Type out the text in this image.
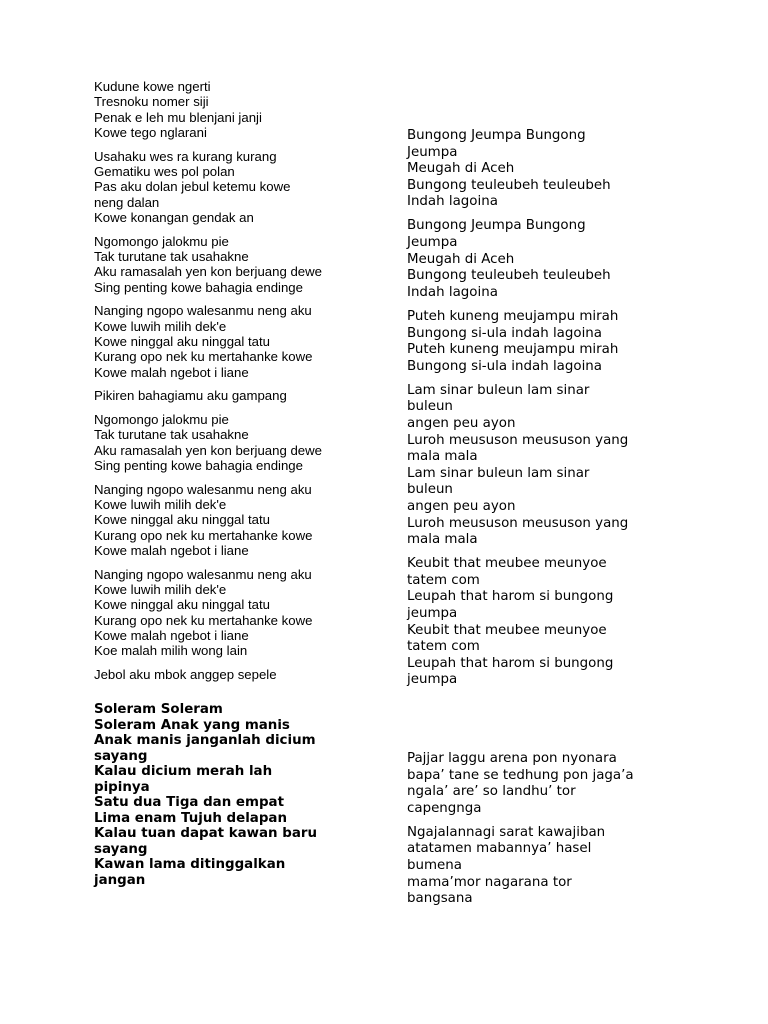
Kudune kowe ngerti
Tresnoku nomer siji
Penak e leh mu blenjani janji
Kowe tego nglarani
Usahaku wes ra kurang kurang
Gematiku wes pol polan
Pas aku dolan jebul ketemu kowe
neng dalan
Kowe konangan gendak an
Ngomongo jalokmu pie
Tak turutane tak usahakne
Aku ramasalah yen kon berjuang dewe
Sing penting kowe bahagia endinge
Nanging ngopo walesanmu neng aku
Kowe luwih milih dek'e
Kowe ninggal aku ninggal tatu
Kurang opo nek ku mertahanke kowe
Kowe malah ngebot i liane
Pikiren bahagiamu aku gampang
Ngomongo jalokmu pie
Tak turutane tak usahakne
Aku ramasalah yen kon berjuang dewe
Sing penting kowe bahagia endinge
Nanging ngopo walesanmu neng aku
Kowe luwih milih dek'e
Kowe ninggal aku ninggal tatu
Kurang opo nek ku mertahanke kowe
Kowe malah ngebot i liane
Nanging ngopo walesanmu neng aku
Kowe luwih milih dek'e
Kowe ninggal aku ninggal tatu
Kurang opo nek ku mertahanke kowe
Kowe malah ngebot i liane
Koe malah milih wong lain
Jebol aku mbok anggep sepele
Soleram Soleram
Soleram Anak yang manis
Anak manis janganlah dicium
sayang
Kalau dicium merah lah
pipinya
Satu dua Tiga dan empat
Lima enam Tujuh delapan
Kalau tuan dapat kawan baru
sayang
Kawan lama ditinggalkan
jangan
Bungong Jeumpa Bungong
Jeumpa
Meugah di Aceh
Bungong teuleubeh teuleubeh
Indah lagoina
Bungong Jeumpa Bungong
Jeumpa
Meugah di Aceh
Bungong teuleubeh teuleubeh
Indah lagoina
Puteh kuneng meujampu mirah
Bungong si-ula indah lagoina
Puteh kuneng meujampu mirah
Bungong si-ula indah lagoina
Lam sinar buleun lam sinar
buleun
angen peu ayon
Luroh meususon meususon yang
mala mala
Lam sinar buleun lam sinar
buleun
angen peu ayon
Luroh meususon meususon yang
mala mala
Keubit that meubee meunyoe
tatem com
Leupah that harom si bungong
jeumpa
Keubit that meubee meunyoe
tatem com
Leupah that harom si bungong
jeumpa
Pajjar laggu arena pon nyonara
bapa’ tane se tedhung pon jaga’a
ngala’ are’ so landhu’ tor
capengnga
Ngajalannagi sarat kawajiban
atatamen mabannya’ hasel
bumena
mama’mor nagarana tor
bangsana
